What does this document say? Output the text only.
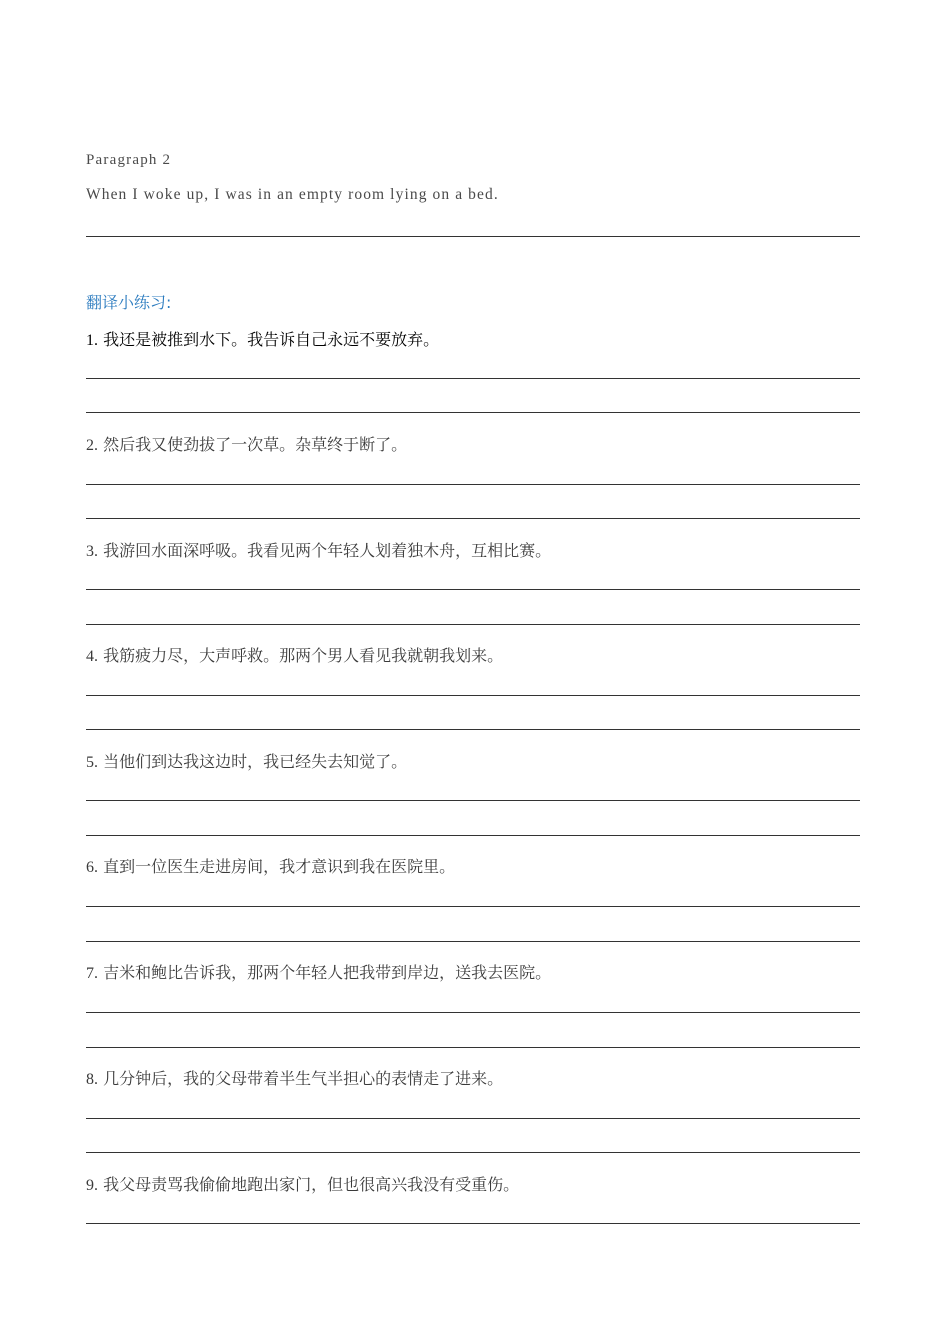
Paragraph 2
When I woke up, I was in an empty room lying on a bed.
翻译小练习:
1. 我还是被推到水下。我告诉自己永远不要放弃。
2. 然后我又使劲拔了一次草。杂草终于断了。
3. 我游回水面深呼吸。我看见两个年轻人划着独木舟，互相比赛。
4. 我筋疲力尽，大声呼救。那两个男人看见我就朝我划来。
5. 当他们到达我这边时，我已经失去知觉了。
6. 直到一位医生走进房间，我才意识到我在医院里。
7. 吉米和鲍比告诉我，那两个年轻人把我带到岸边，送我去医院。
8. 几分钟后，我的父母带着半生气半担心的表情走了进来。
9. 我父母责骂我偷偷地跑出家门，但也很高兴我没有受重伤。
